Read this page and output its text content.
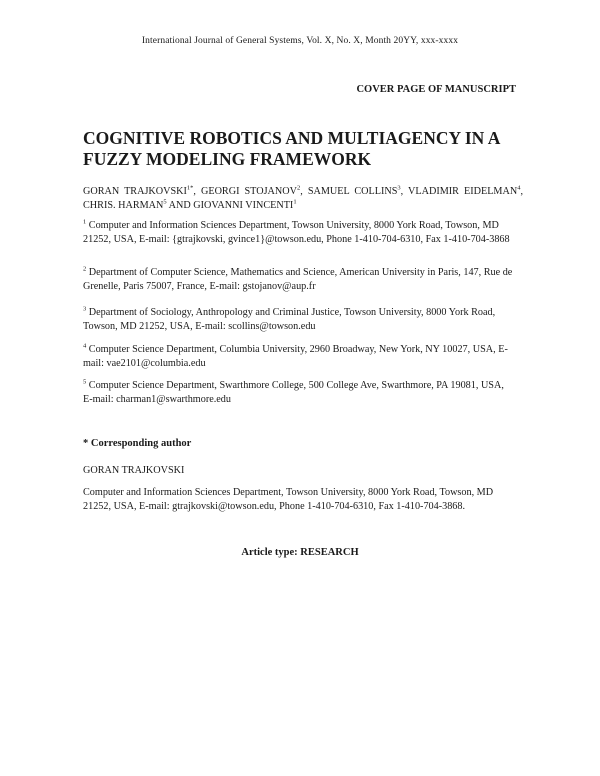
International Journal of General Systems, Vol. X, No. X, Month 20YY, xxx-xxxx
COVER PAGE OF MANUSCRIPT
COGNITIVE ROBOTICS AND MULTIAGENCY IN A FUZZY MODELING FRAMEWORK
GORAN $TRAJKOVSKI^{1*}$, GEORGI STOJANOV$^2$, SAMUEL COLLINS$^3$, VLADIMIR EIDELMAN$^4$, CHRIS. HARMAN$^5$ AND GIOVANNI VINCENTI$^1$

$^1$ Computer and Information Sciences Department, Towson University, 8000 York Road, Towson, MD 21252, USA, E-mail: {gtrajkovski, gvince1}@towson.edu, Phone 1-410-704-6310, Fax 1-410-704-3868

$^2$ Department of Computer Science, Mathematics and Science, American University in Paris, 147, Rue de Grenelle, Paris 75007, France, E-mail: gstojanov@aup.fr

$^3$ Department of Sociology, Anthropology and Criminal Justice, Towson University, 8000 York Road, Towson, MD 21252, USA, E-mail: scollins@towson.edu

$^4$ Computer Science Department, Columbia University, 2960 Broadway, New York, NY 10027, USA, E-mail: vae2101@columbia.edu

$^5$ Computer Science Department, Swarthmore College, 500 College Ave, Swarthmore, PA 19081, USA, E-mail: charman1@swarthmore.edu

* Corresponding author
GORAN TRAJKOVSKI

Computer and Information Sciences Department, Towson University, 8000 York Road, Towson, MD 21252, USA, E-mail: gtrajkovski@towson.edu, Phone 1-410-704-6310, Fax 1-410-704-3868.

Article type: RESEARCH
